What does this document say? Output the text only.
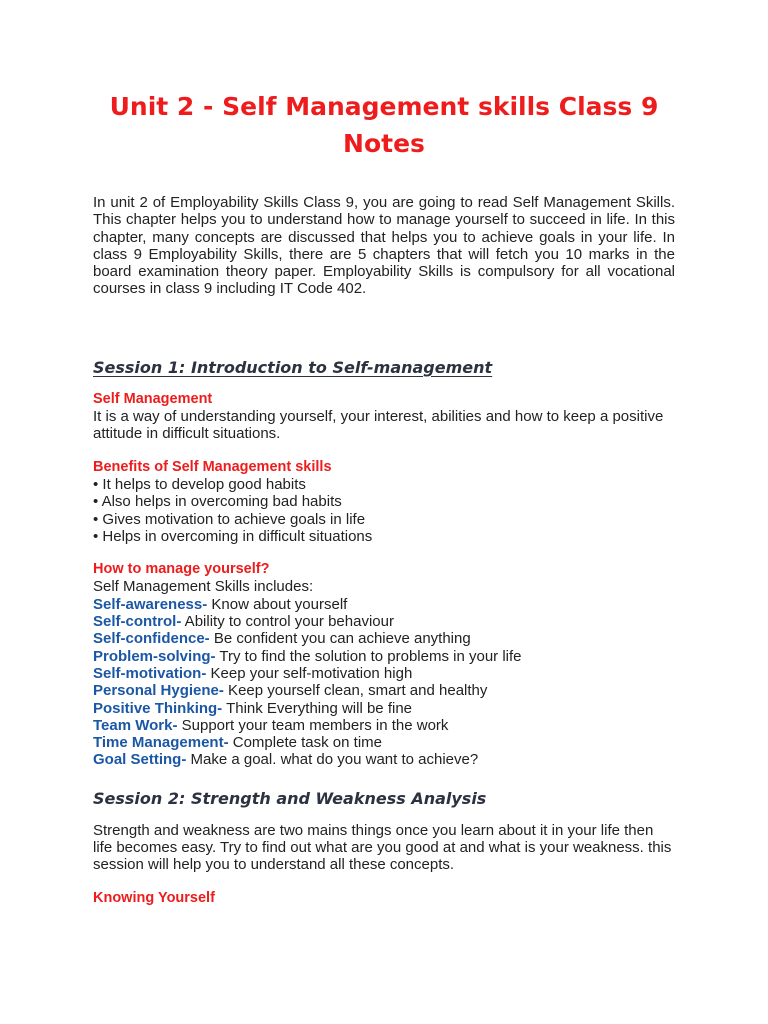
Unit 2 - Self Management skills Class 9 Notes

In unit 2 of Employability Skills Class 9, you are going to read Self Management Skills. This chapter helps you to understand how to manage yourself to succeed in life. In this chapter, many concepts are discussed that helps you to achieve goals in your life. In class 9 Employability Skills, there are 5 chapters that will fetch you 10 marks in the board examination theory paper. Employability Skills is compulsory for all vocational courses in class 9 including IT Code 402.

Session 1: Introduction to Self-management

Self Management

It is a way of understanding yourself, your interest, abilities and how to keep a positive attitude in difficult situations.

Benefits of Self Management skills

• It helps to develop good habits
• Also helps in overcoming bad habits
• Gives motivation to achieve goals in life
• Helps in overcoming in difficult situations

How to manage yourself?

Self Management Skills includes:

Self-awareness- Know about yourself
Self-control- Ability to control your behaviour
Self-confidence- Be confident you can achieve anything
Problem-solving- Try to find the solution to problems in your life
Self-motivation- Keep your self-motivation high
Personal Hygiene- Keep yourself clean, smart and healthy
Positive Thinking- Think Everything will be fine
Team Work- Support your team members in the work
Time Management- Complete task on time
Goal Setting- Make a goal. what do you want to achieve?
Session 2: Strength and Weakness Analysis

Strength and weakness are two mains things once you learn about it in your life then life becomes easy. Try to find out what are you good at and what is your weakness. this session will help you to understand all these concepts.

Knowing Yourself
